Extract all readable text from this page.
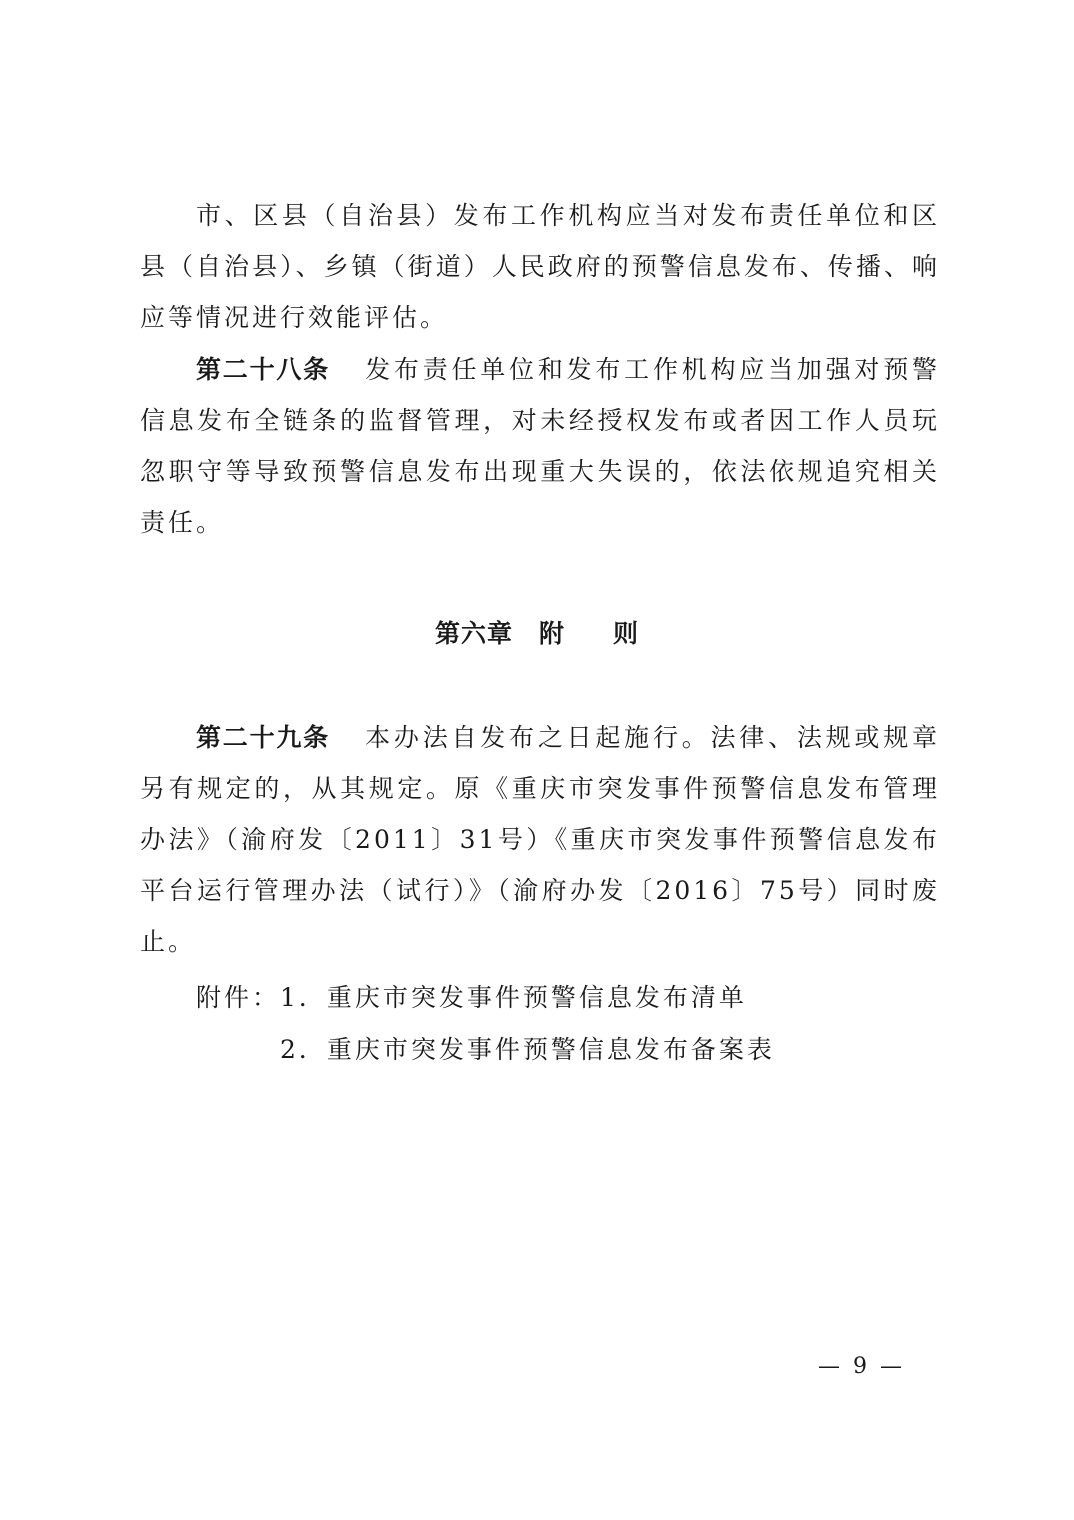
市、区县（自治县）发布工作机构应当对发布责任单位和区县（自治县）、乡镇（街道）人民政府的预警信息发布、传播、响应等情况进行效能评估。

第二十八条 发布责任单位和发布工作机构应当加强对预警信息发布全链条的监督管理，对未经授权发布或者因工作人员玩忽职守等导致预警信息发布出现重大失误的，依法依规追究相关责任。

第六章 附 则

第二十九条 本办法自发布之日起施行。法律、法规或规章另有规定的，从其规定。原《重庆市突发事件预警信息发布管理办法》（渝府发〔2011〕31号）《重庆市突发事件预警信息发布平台运行管理办法（试行）》（渝府办发〔2016〕75号）同时废止。

附件：1．重庆市突发事件预警信息发布清单

2．重庆市突发事件预警信息发布备案表

— 9 —
